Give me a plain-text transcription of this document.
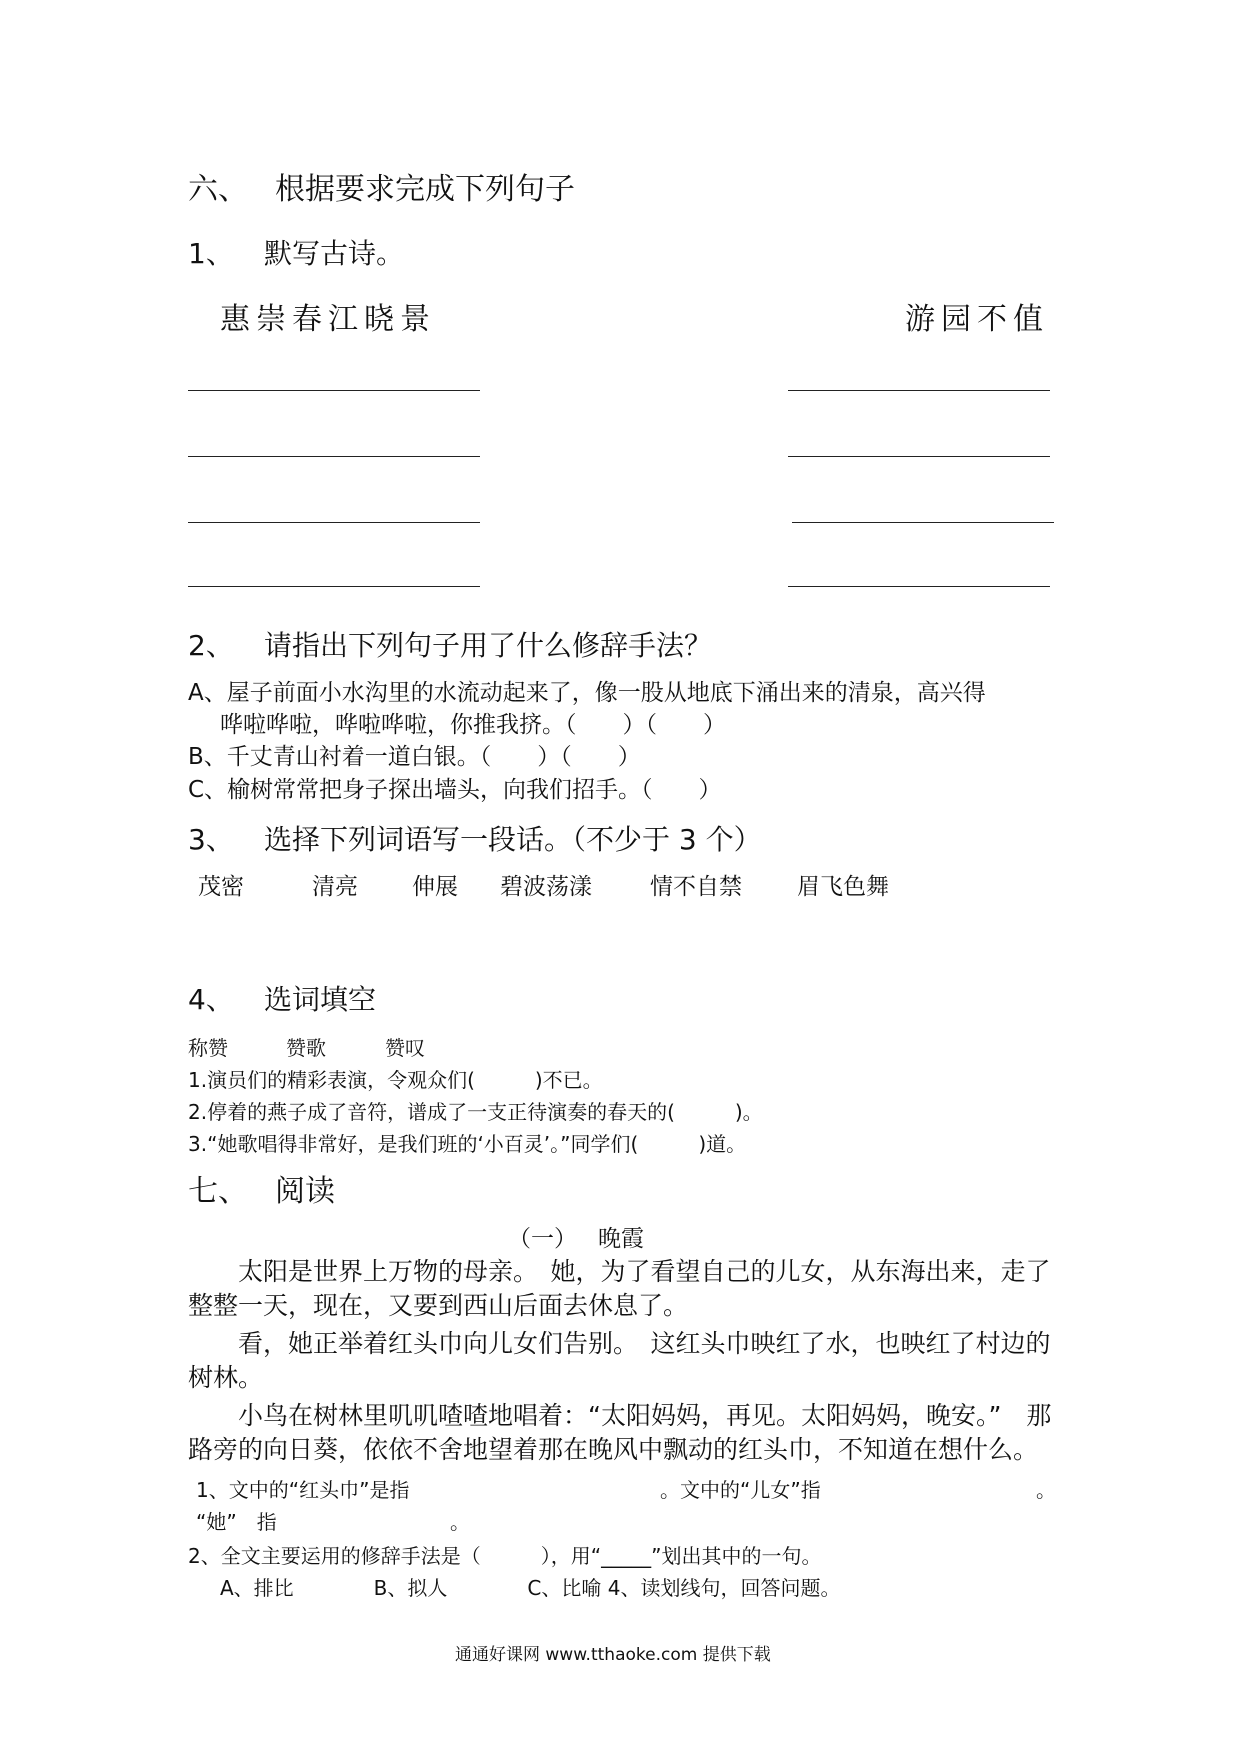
六、 根据要求完成下列句子
1、 默写古诗。
惠崇春江晓景	游园不值
2、 请指出下列句子用了什么修辞手法？
A、屋子前面小水沟里的水流动起来了，像一股从地底下涌出来的清泉，高兴得
哗啦哗啦，哗啦哗啦，你推我挤。（　　）（　　）
B、千丈青山衬着一道白银。（　　）（　　）
C、榆树常常把身子探出墙头，向我们招手。（　　）
3、 选择下列词语写一段话。（不少于 3 个）
茂密	清亮 伸展 碧波荡漾	情不自禁 眉飞色舞
4、 选词填空
称赞	赞歌	赞叹
1.演员们的精彩表演，令观众们(　　　)不已。
2.停着的燕子成了音符，谱成了一支正待演奏的春天的(　　　)。
3.“她歌唱得非常好，是我们班的‘小百灵’。”同学们(　　　)道。
七、 阅读
（一） 晚霞
太阳是世界上万物的母亲。　她，为了看望自己的儿女，从东海出来，走了
整整一天，现在，又要到西山后面去休息了。
看，她正举着红头巾向儿女们告别。　这红头巾映红了水，也映红了村边的
树林。
小鸟在树林里叽叽喳喳地唱着：“太阳妈妈，再见。太阳妈妈，晚安。”　那
路旁的向日葵，依依不舍地望着那在晚风中飘动的红头巾，不知道在想什么。
1、文中的“红头巾”是指	。文中的“儿女”指	。
“她”　指	。
2、全文主要运用的修辞手法是（　　　），用“_____”划出其中的一句。
A、排比　　　　B、拟人　　　　C、比喻 4、读划线句，回答问题。
通通好课网 www.tthaoke.com 提供下载
